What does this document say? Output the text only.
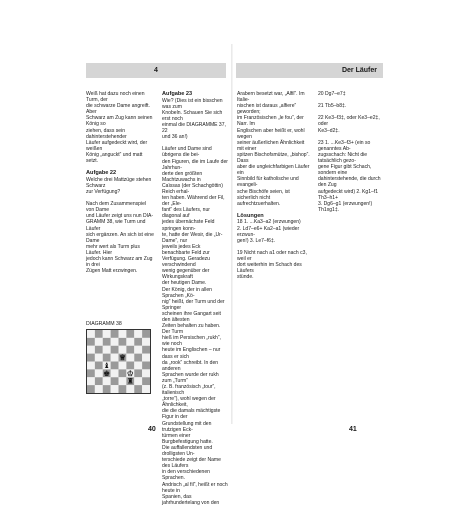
4	Der Läufer

Weiß hat dazu noch einen Turm, der

die schwarze Dame angreift. Aber

Schwarz am Zug kann seinen König so

ziehen, dass sein dahinterstehender

Läufer aufgedeckt wird, der weißen

König „anguckt“ und matt setzt.

Aufgabe 22

Welche drei Mattzüge stehen Schwarz

zur Verfügung?

Nach dem Zusammenspiel von Dame

und Läufer zeigt uns nun DIA-

GRAMM 38, wie Turm und Läufer

sich ergänzen. An sich ist eine Dame

mehr wert als Turm plus Läufer. Hier

jedoch kann Schwarz am Zug in drei

Zügen Matt erzwingen.

DIAGRAMM 38
♕
♝
♚ ♔
♜
Aufgabe 23

Wie? (Dies ist ein bisschen was zum

Knobeln. Schauen Sie sich erst noch

einmal die DIAGRAMME 37, 22

und 36 an!)

Läufer und Dame sind übrigens die bei-

den Figuren, die im Laufe der Jahrhun-

derte den größten Machtzuwachs in

Caïssas (der Schachgöttin) Reich erhal-

ten haben. Während der Fil, der „Ele-

fant“ des Läufers, nur diagonal auf

jedes übernächste Feld springen konn-

te, hatte der Wesir, die „Ur-Dame“, nur

jeweils jedes Eck benachbarte Feld zur

Verfügung. Geradezu verschwindend

wenig gegenüber der Wirkungskraft

der heutigen Dame.

Der König, der in allen Sprachen „Kö-

nig“ heißt, der Turm und der Springer

scheinen ihre Gangart seit den ältesten

Zeiten behalten zu haben. Der Turm

hieß im Persischen „rukh“, wie noch

heute im Englischen – nur dass er sich

da „rook“ schreibt. In den anderen

Sprachen wurde der rukh zum „Turm“

(z. B. französisch „tour“, italienisch

„torre“), wohl wegen der Ähnlichkeit,

die die damals mächtigste Figur in der

Grundstellung mit den trutzigen Eck-

türmen einer Burgbefestigung hatte.

Die auffallendsten und drolligsten Un-

terschiede zeigt der Name des Läufers

in den verschiedenen Sprachen.

Andrisch „al fil“, heißt er noch heute in

Spanien, das jahrhundertelang von den

Arabern besetzt war, „Alfil“. Im Italie-

nischen ist daraus „alfiere“ geworden;

im Französischen „le fou“, der Narr. Im

Englischen aber heißt er, wohl wegen

seiner äußerlichen Ähnlichkeit mit einer

spitzen Bischofsmütze, „bishop“. Dass

aber die ungleichfarbigen Läufer ein

Sinnbild für katholische und evangeli-

sche Bischöfe seien, ist sicherlich nicht

aufrechtzuerhalten.

Lösungen

18 1. ...Ka3–a2 (erzwungen)

2. Ld7–e6+ Ka2–a1 (wieder erzwun-

gen!) 3. Le7–f6‡.

19 Nicht nach a1 oder nach c3, weil er

dort weiterhin im Schach des Läufers

stünde.

20 Dg7–e7‡

21 Tb5–b8‡.

22 Ke3–f3‡, oder Ke3–e2‡, oder

Ke3–d2‡.

23 1. ...Ke3–f3+ (ein so genanntes Ab-

zugsschach: Nicht die tatsächlich gezo-

gene Figur gibt Schach, sondern eine

dahinterstehende, die durch den Zug

aufgedeckt wird) 2. Kg1–f1 Th3–h1+

3. Dg6–g1 (erzwungen!) Th1xg1‡.

40	41
